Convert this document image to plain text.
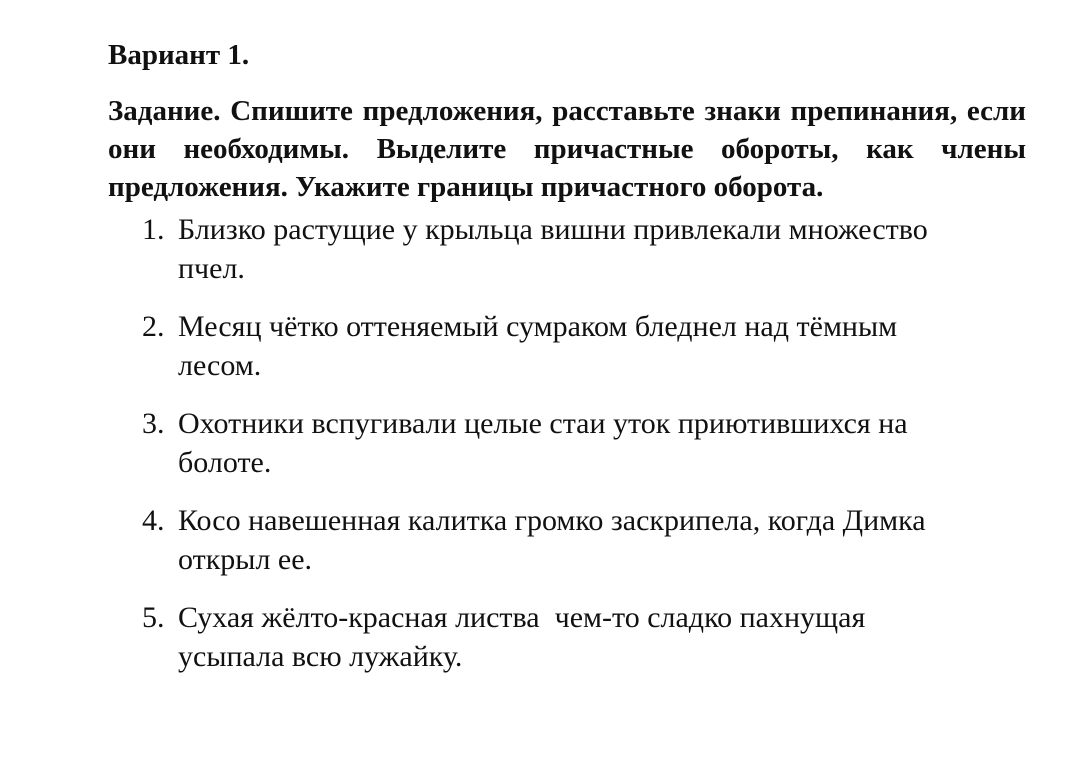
Вариант 1.
Задание. Спишите предложения, расставьте знаки препинания, если они необходимы. Выделите причастные обороты, как члены предложения. Укажите границы причастного оборота.
1. Близко растущие у крыльца вишни привлекали множество пчел.
2. Месяц чётко оттеняемый сумраком бледнел над тёмным лесом.
3. Охотники вспугивали целые стаи уток приютившихся на болоте.
4. Косо навешенная калитка громко заскрипела, когда Димка открыл ее.
5. Сухая жёлто-красная листва  чем-то сладко пахнущая усыпала всю лужайку.
